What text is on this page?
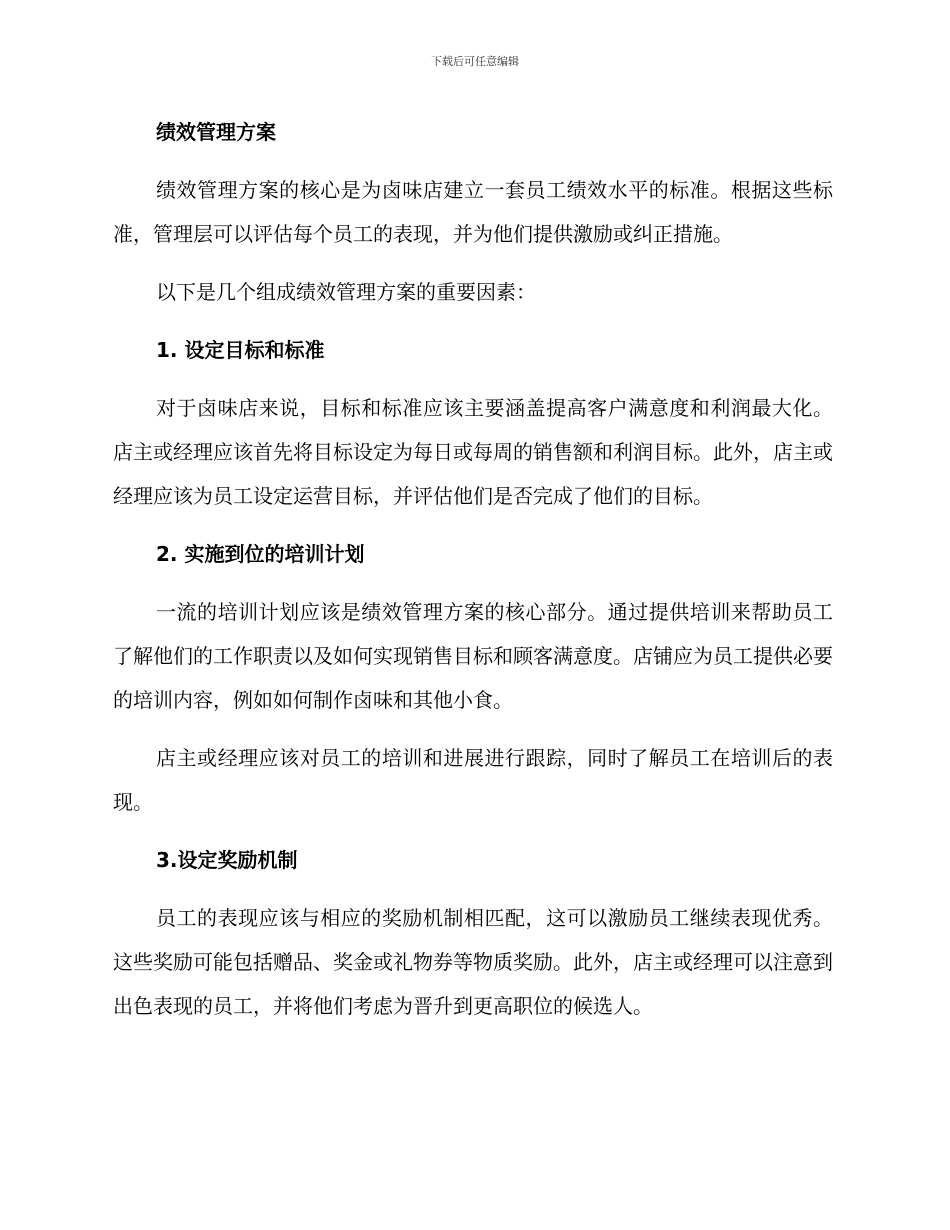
下载后可任意编辑
绩效管理方案

绩效管理方案的核心是为卤味店建立一套员工绩效水平的标准。根据这些标准，管理层可以评估每个员工的表现，并为他们提供激励或纠正措施。

以下是几个组成绩效管理方案的重要因素：

1. 设定目标和标准

对于卤味店来说，目标和标准应该主要涵盖提高客户满意度和利润最大化。店主或经理应该首先将目标设定为每日或每周的销售额和利润目标。此外，店主或经理应该为员工设定运营目标，并评估他们是否完成了他们的目标。

2. 实施到位的培训计划

一流的培训计划应该是绩效管理方案的核心部分。通过提供培训来帮助员工了解他们的工作职责以及如何实现销售目标和顾客满意度。店铺应为员工提供必要的培训内容，例如如何制作卤味和其他小食。

店主或经理应该对员工的培训和进展进行跟踪，同时了解员工在培训后的表现。

3.设定奖励机制

员工的表现应该与相应的奖励机制相匹配，这可以激励员工继续表现优秀。这些奖励可能包括赠品、奖金或礼物券等物质奖励。此外，店主或经理可以注意到出色表现的员工，并将他们考虑为晋升到更高职位的候选人。
